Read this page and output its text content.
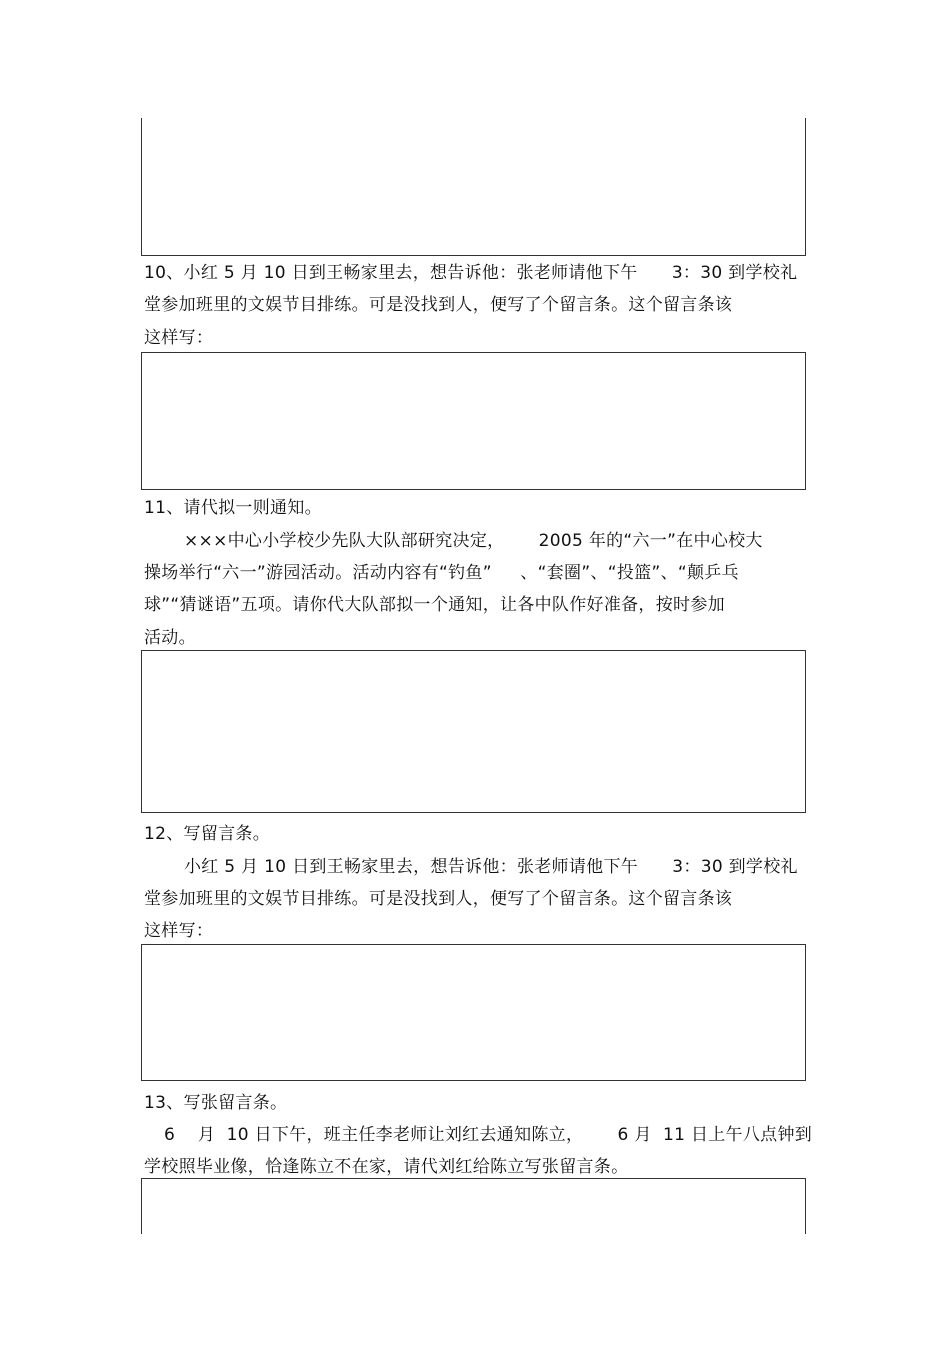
10、小红 5 月 10 日到王畅家里去，想告诉他：张老师请他下午      3：30 到学校礼
堂参加班里的文娱节目排练。可是没找到人，便写了个留言条。这个留言条该
这样写：
11、请代拟一则通知。
×××中心小学校少先队大队部研究决定，      2005 年的“六一”在中心校大
操场举行“六一”游园活动。活动内容有“钓鱼”     、“套圈”、“投篮”、“颠乒乓
球”“猜谜语”五项。请你代大队部拟一个通知，让各中队作好准备，按时参加
活动。
12、写留言条。
小红 5 月 10 日到王畅家里去，想告诉他：张老师请他下午      3：30 到学校礼
堂参加班里的文娱节目排练。可是没找到人，便写了个留言条。这个留言条该
这样写：
13、写张留言条。
6    月  10 日下午，班主任李老师让刘红去通知陈立，      6 月  11 日上午八点钟到
学校照毕业像，恰逢陈立不在家，请代刘红给陈立写张留言条。
